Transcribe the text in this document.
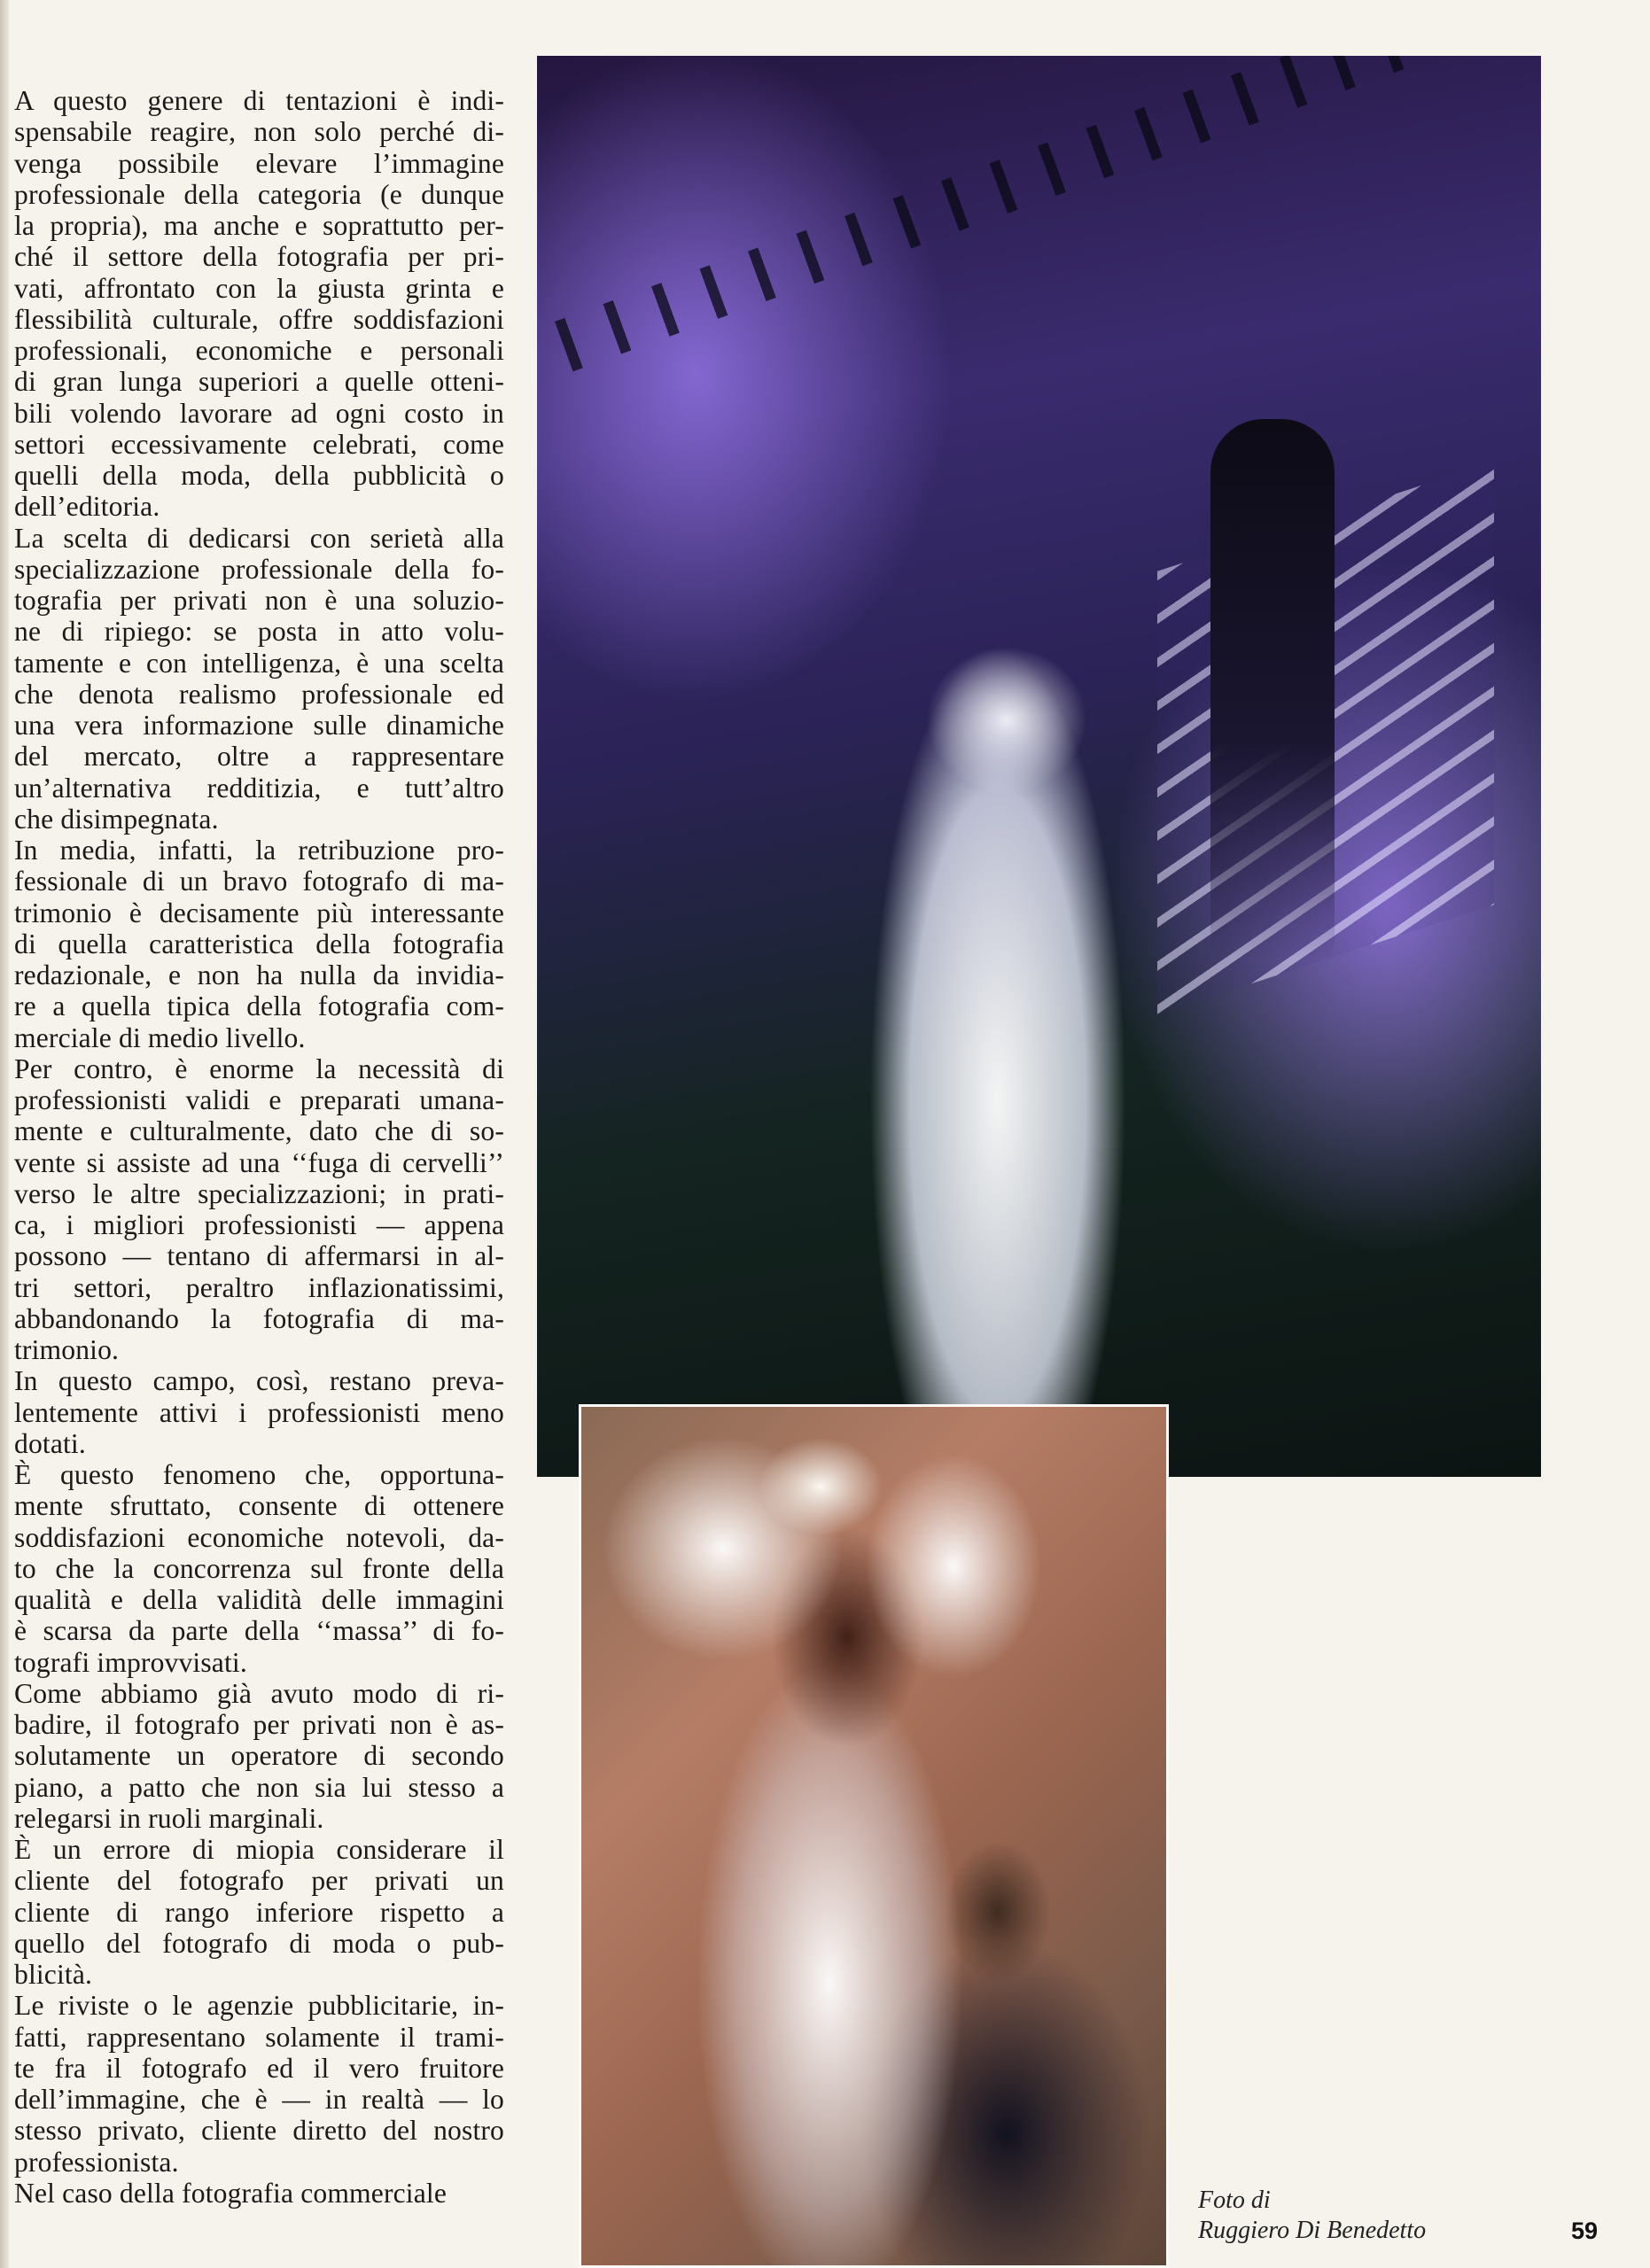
A questo genere di tentazioni è indi-
spensabile reagire, non solo perché di-
venga possibile elevare l’immagine
professionale della categoria (e dunque
la propria), ma anche e soprattutto per-
ché il settore della fotografia per pri-
vati, affrontato con la giusta grinta e
flessibilità culturale, offre soddisfazioni
professionali, economiche e personali
di gran lunga superiori a quelle otteni-
bili volendo lavorare ad ogni costo in
settori eccessivamente celebrati, come
quelli della moda, della pubblicità o
dell’editoria.
La scelta di dedicarsi con serietà alla
specializzazione professionale della fo-
tografia per privati non è una soluzio-
ne di ripiego: se posta in atto volu-
tamente e con intelligenza, è una scelta
che denota realismo professionale ed
una vera informazione sulle dinamiche
del mercato, oltre a rappresentare
un’alternativa redditizia, e tutt’altro
che disimpegnata.
In media, infatti, la retribuzione pro-
fessionale di un bravo fotografo di ma-
trimonio è decisamente più interessante
di quella caratteristica della fotografia
redazionale, e non ha nulla da invidia-
re a quella tipica della fotografia com-
merciale di medio livello.
Per contro, è enorme la necessità di
professionisti validi e preparati umana-
mente e culturalmente, dato che di so-
vente si assiste ad una ‘‘fuga di cervelli’’
verso le altre specializzazioni; in prati-
ca, i migliori professionisti — appena
possono — tentano di affermarsi in al-
tri settori, peraltro inflazionatissimi,
abbandonando la fotografia di ma-
trimonio.
In questo campo, così, restano preva-
lentemente attivi i professionisti meno
dotati.
È questo fenomeno che, opportuna-
mente sfruttato, consente di ottenere
soddisfazioni economiche notevoli, da-
to che la concorrenza sul fronte della
qualità e della validità delle immagini
è scarsa da parte della ‘‘massa’’ di fo-
tografi improvvisati.
Come abbiamo già avuto modo di ri-
badire, il fotografo per privati non è as-
solutamente un operatore di secondo
piano, a patto che non sia lui stesso a
relegarsi in ruoli marginali.
È un errore di miopia considerare il
cliente del fotografo per privati un
cliente di rango inferiore rispetto a
quello del fotografo di moda o pub-
blicità.
Le riviste o le agenzie pubblicitarie, in-
fatti, rappresentano solamente il trami-
te fra il fotografo ed il vero fruitore
dell’immagine, che è — in realtà — lo
stesso privato, cliente diretto del nostro
professionista.
Nel caso della fotografia commerciale	Foto di
Ruggiero Di Benedetto	59
